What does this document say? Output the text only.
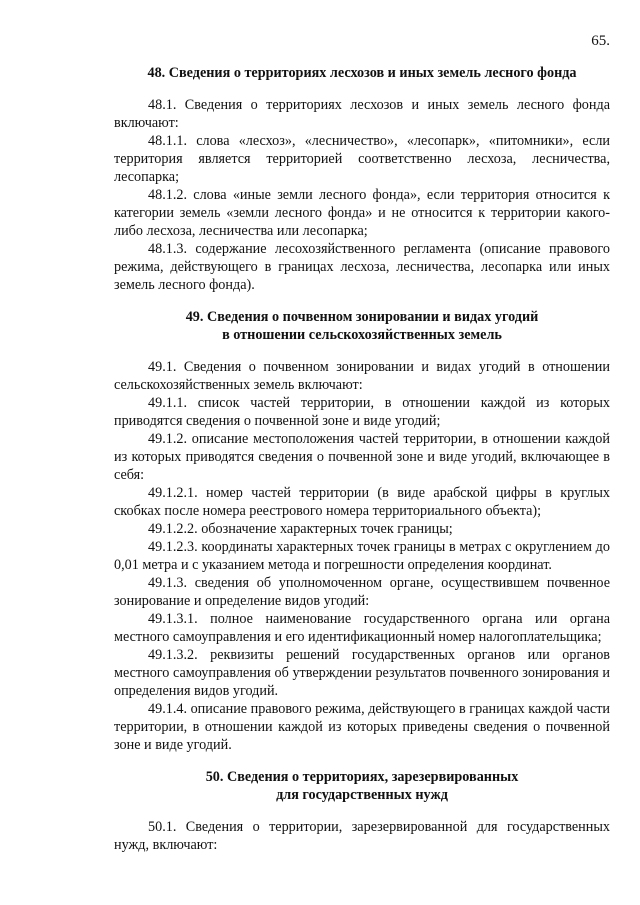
65.
48. Сведения о территориях лесхозов и иных земель лесного фонда

48.1. Сведения о территориях лесхозов и иных земель лесного фонда включают:

48.1.1. слова «лесхоз», «лесничество», «лесопарк», «питомники», если территория является территорией соответственно лесхоза, лесничества, лесопарка;

48.1.2. слова «иные земли лесного фонда», если территория относится к категории земель «земли лесного фонда» и не относится к территории какого-либо лесхоза, лесничества или лесопарка;

48.1.3. содержание лесохозяйственного регламента (описание правового режима, действующего в границах лесхоза, лесничества, лесопарка или иных земель лесного фонда).

49. Сведения о почвенном зонировании и видах угодий
в отношении сельскохозяйственных земель

49.1. Сведения о почвенном зонировании и видах угодий в отношении сельскохозяйственных земель включают:

49.1.1. список частей территории, в отношении каждой из которых приводятся сведения о почвенной зоне и виде угодий;

49.1.2. описание местоположения частей территории, в отношении каждой из которых приводятся сведения о почвенной зоне и виде угодий, включающее в себя:

49.1.2.1. номер частей территории (в виде арабской цифры в круглых скобках после номера реестрового номера территориального объекта);

49.1.2.2. обозначение характерных точек границы;

49.1.2.3. координаты характерных точек границы в метрах с округлением до 0,01 метра и с указанием метода и погрешности определения координат.

49.1.3. сведения об уполномоченном органе, осуществившем почвенное зонирование и определение видов угодий:

49.1.3.1. полное наименование государственного органа или органа местного самоуправления и его идентификационный номер налогоплательщика;

49.1.3.2. реквизиты решений государственных органов или органов местного самоуправления об утверждении результатов почвенного зонирования и определения видов угодий.

49.1.4. описание правового режима, действующего в границах каждой части территории, в отношении каждой из которых приведены сведения о почвенной зоне и виде угодий.

50. Сведения о территориях, зарезервированных
для государственных нужд

50.1. Сведения о территории, зарезервированной для государственных нужд, включают:
